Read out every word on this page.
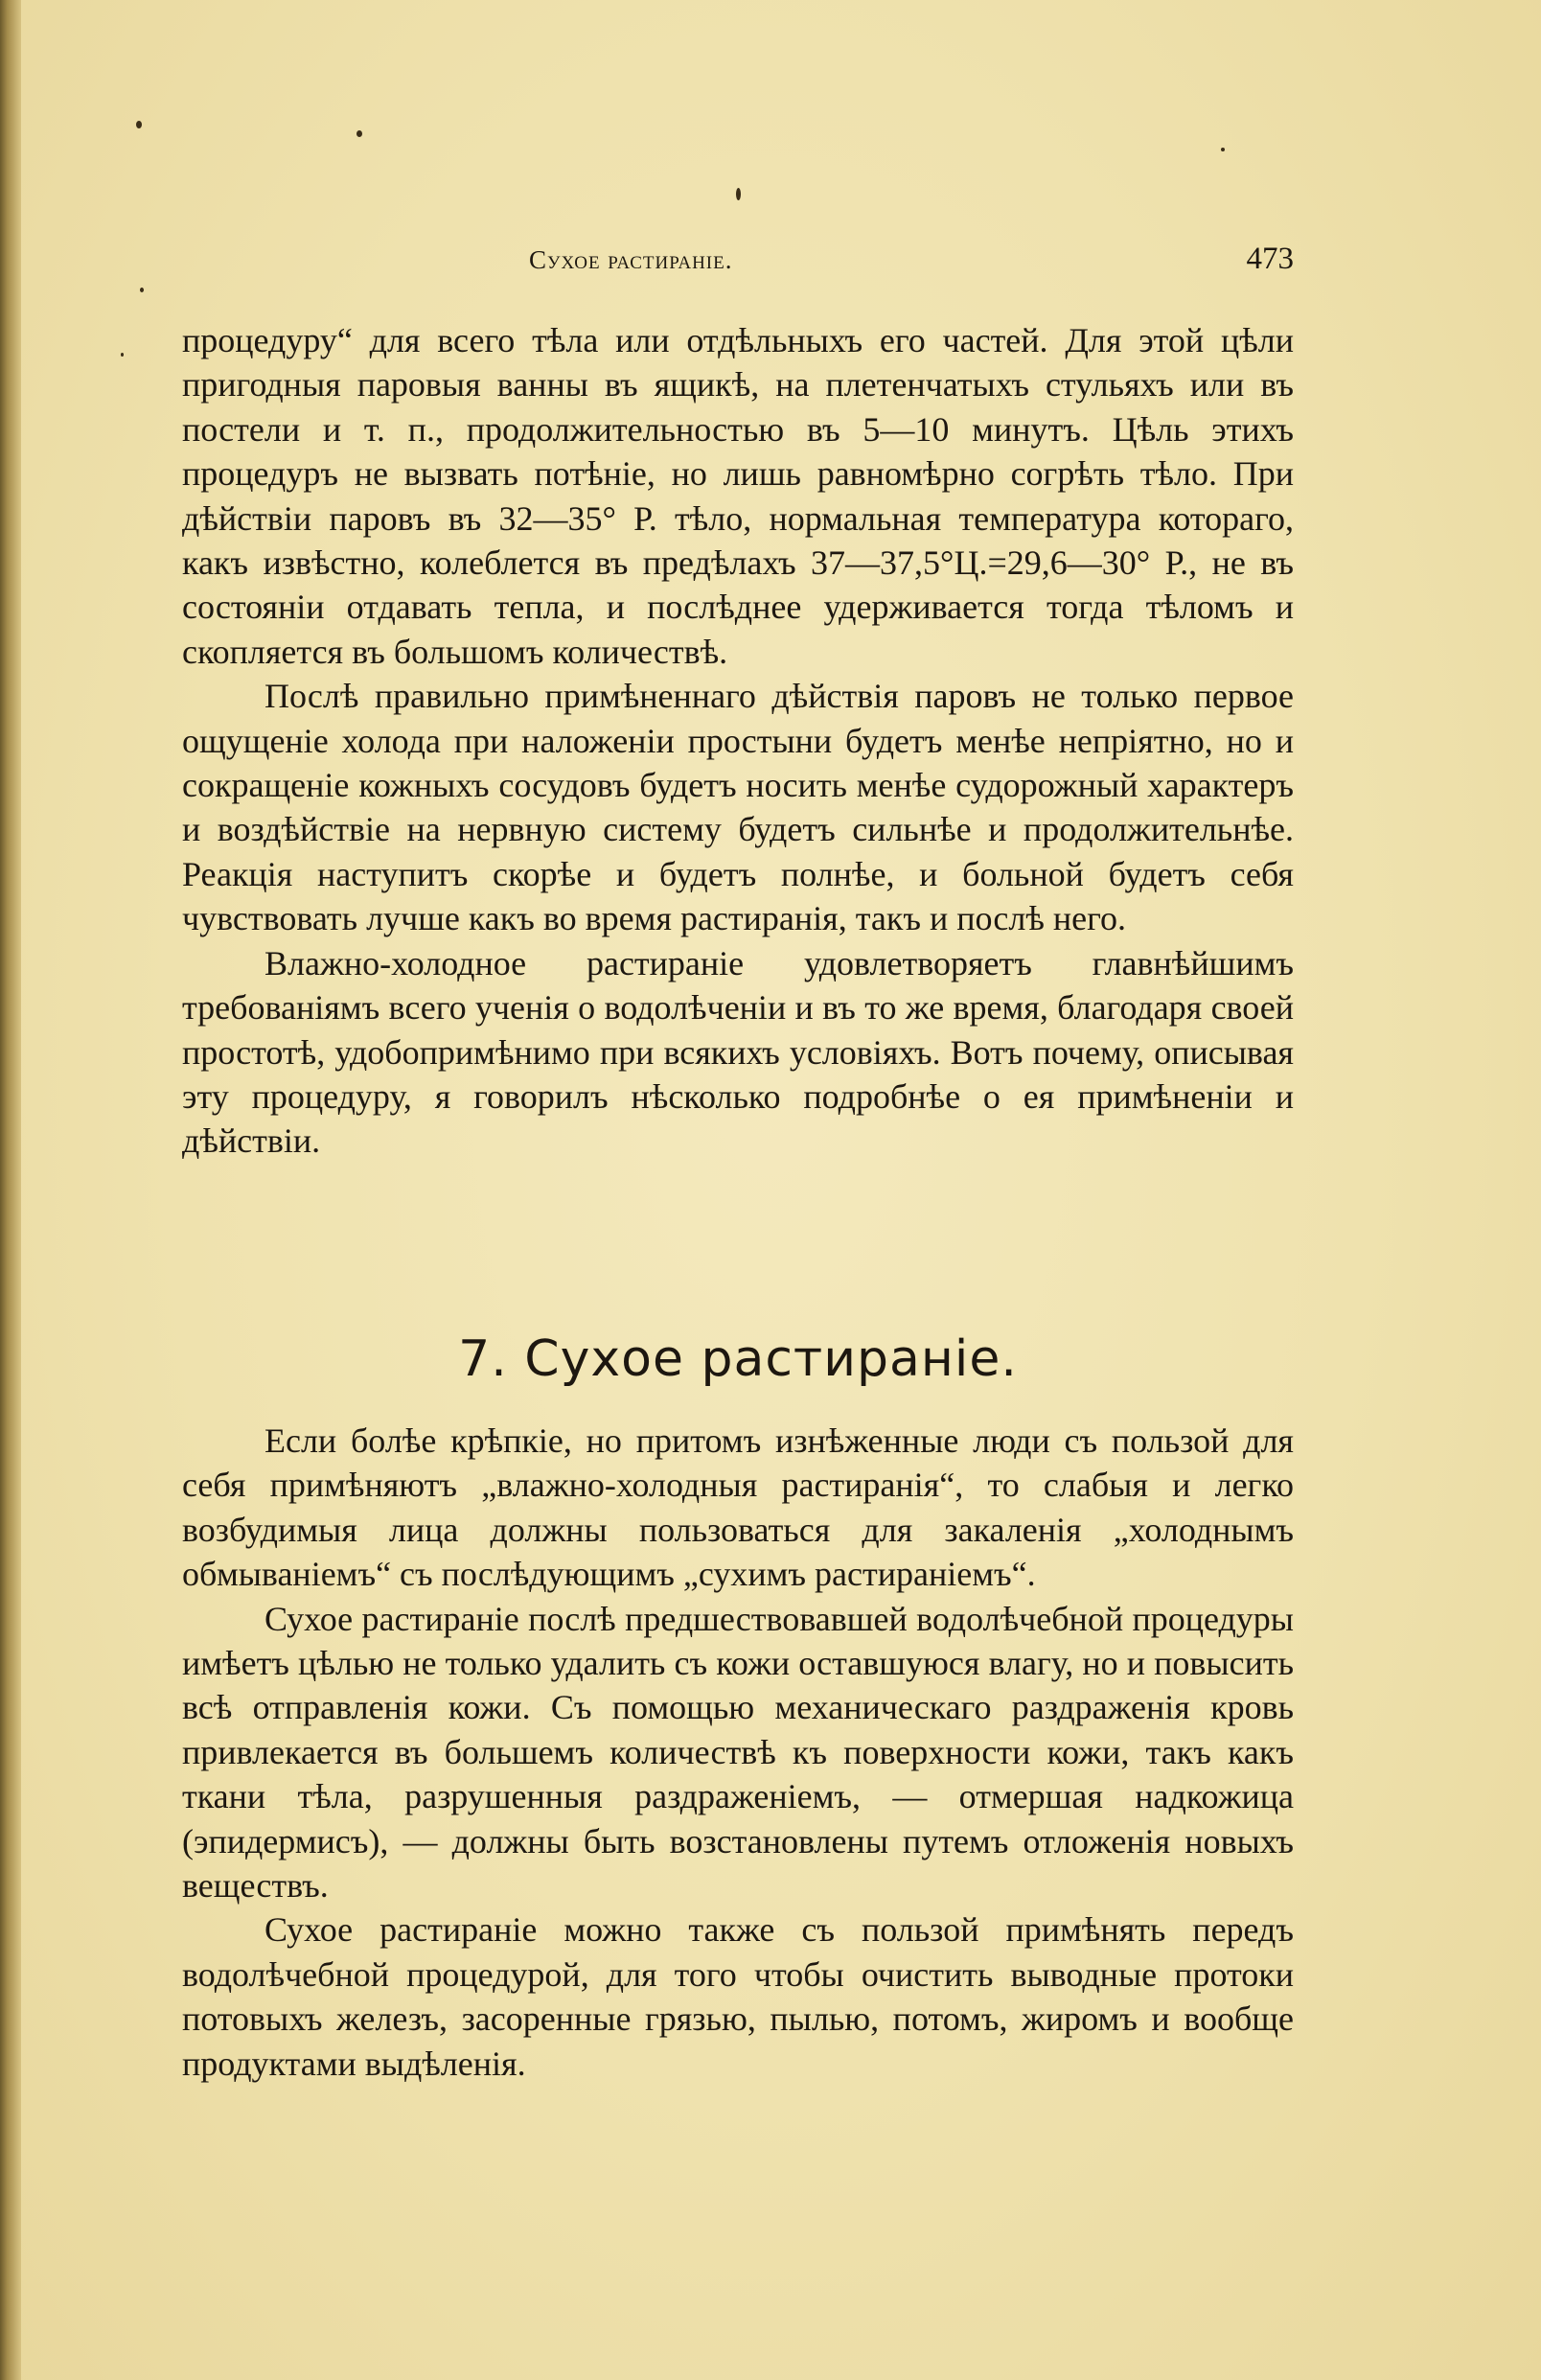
Сухое растираніе.	473

процедуру“ для всего тѣла или отдѣльныхъ его частей. Для этой цѣли пригодныя паровыя ванны въ ящикѣ, на плетенчатыхъ стульяхъ или въ постели и т. п., продолжительностью въ 5—10 минутъ. Цѣль этихъ процедуръ не вызвать потѣніе, но лишь равномѣрно согрѣть тѣло. При дѣйствіи паровъ въ 32—35° Р. тѣло, нормальная температура котораго, какъ извѣстно, колеблется въ предѣлахъ 37—37,5°Ц.=29,6—30° Р., не въ состояніи отдавать тепла, и послѣднее удерживается тогда тѣломъ и скопляется въ большомъ количествѣ.

Послѣ правильно примѣненнаго дѣйствія паровъ не только первое ощущеніе холода при наложеніи простыни будетъ менѣе непріятно, но и сокращеніе кожныхъ сосудовъ будетъ носить менѣе судорожный характеръ и воздѣйствіе на нервную систему будетъ сильнѣе и продолжительнѣе. Реакція наступитъ скорѣе и будетъ полнѣе, и больной будетъ себя чувствовать лучше какъ во время растиранія, такъ и послѣ него.

Влажно-холодное растираніе удовлетворяетъ главнѣйшимъ требованіямъ всего ученія о водолѣченіи и въ то же время, благодаря своей простотѣ, удобопримѣнимо при всякихъ условіяхъ. Вотъ почему, описывая эту процедуру, я говорилъ нѣсколько подробнѣе о ея примѣненіи и дѣйствіи.

7. Сухое растираніе.

Если болѣе крѣпкіе, но притомъ изнѣженные люди съ пользой для себя примѣняютъ „влажно-холодныя растиранія“, то слабыя и легко возбудимыя лица должны пользоваться для закаленія „холоднымъ обмываніемъ“ съ послѣдующимъ „сухимъ растираніемъ“.

Сухое растираніе послѣ предшествовавшей водолѣчебной процедуры имѣетъ цѣлью не только удалить съ кожи оставшуюся влагу, но и повысить всѣ отправленія кожи. Съ помощью механическаго раздраженія кровь привлекается въ большемъ количествѣ къ поверхности кожи, такъ какъ ткани тѣла, разрушенныя раздраженіемъ, — отмершая надкожица (эпидермисъ), — должны быть возстановлены путемъ отложенія новыхъ веществъ.

Сухое растираніе можно также съ пользой примѣнять передъ водолѣчебной процедурой, для того чтобы очистить выводные протоки потовыхъ железъ, засоренные грязью, пылью, потомъ, жиромъ и вообще продуктами выдѣленія.
